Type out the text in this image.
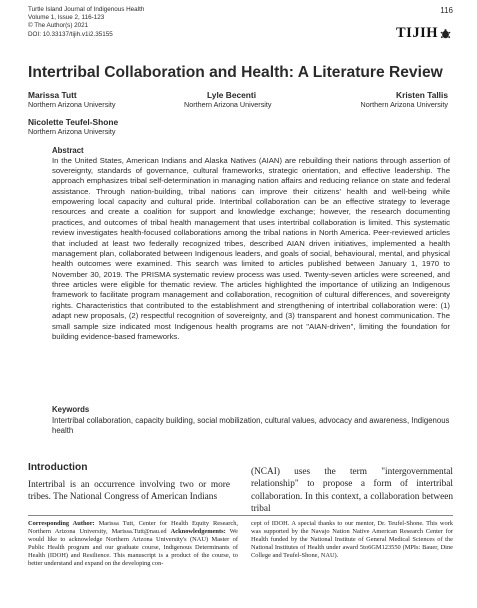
Turtle Island Journal of Indigenous Health
Volume 1, Issue 2, 116-123
© The Author(s) 2021
DOI: 10.33137/tijih.v1i2.35155
116
TIJIH
Intertribal Collaboration and Health: A Literature Review
Marissa Tutt
Northern Arizona University
Lyle Becenti
Northern Arizona University
Kristen Tallis
Northern Arizona University
Nicolette Teufel-Shone
Northern Arizona University
Abstract
In the United States, American Indians and Alaska Natives (AIAN) are rebuilding their nations through assertion of sovereignty, standards of governance, cultural frameworks, strategic orientation, and effective leadership. The approach emphasizes tribal self-determination in managing nation affairs and reducing reliance on state and federal assistance. Through nation-building, tribal nations can improve their citizens' health and well-being while empowering local capacity and cultural pride. Intertribal collaboration can be an effective strategy to leverage resources and create a coalition for support and knowledge exchange; however, the research documenting practices, and outcomes of tribal health management that uses intertribal collaboration is limited. This systematic review investigates health-focused collaborations among the tribal nations in North America. Peer-reviewed articles that included at least two federally recognized tribes, described AIAN driven initiatives, implemented a health management plan, collaborated between Indigenous leaders, and goals of social, behavioural, mental, and physical health outcomes were examined. This search was limited to articles published between January 1, 1970 to November 30, 2019. The PRISMA systematic review process was used. Twenty-seven articles were screened, and three articles were eligible for thematic review. The articles highlighted the importance of utilizing an Indigenous framework to facilitate program management and collaboration, recognition of cultural differences, and sovereignty rights. Characteristics that contributed to the establishment and strengthening of intertribal collaboration were: (1) adapt new proposals, (2) respectful recognition of sovereignty, and (3) transparent and honest communication. The small sample size indicated most Indigenous health programs are not "AIAN-driven", limiting the foundation for building evidence-based frameworks.
Keywords
Intertribal collaboration, capacity building, social mobilization, cultural values, advocacy and awareness, Indigenous health
Introduction
Intertribal is an occurrence involving two or more tribes. The National Congress of American Indians
(NCAI) uses the term "intergovernmental relationship" to propose a form of intertribal collaboration. In this context, a collaboration between tribal
Corresponding Author: Marissa Tutt, Center for Health Equity Research, Northern Arizona University, Marissa.Tutt@nau.ed Acknowledgements: We would like to acknowledge Northern Arizona University's (NAU) Master of Public Health program and our graduate course, Indigenous Determinants of Health (IDOH) and Resilience. This manuscript is a product of the course, to better understand and expand on the developing con-
cept of IDOH. A special thanks to our mentor, Dr. Teufel-Shone. This work was supported by the Navajo Nation Native American Research Center for Health funded by the National Institute of General Medical Sciences of the National Institutes of Health under award 5to6GM123550 (MPIs: Bauer, Dine College and Teufel-Shone, NAU).
